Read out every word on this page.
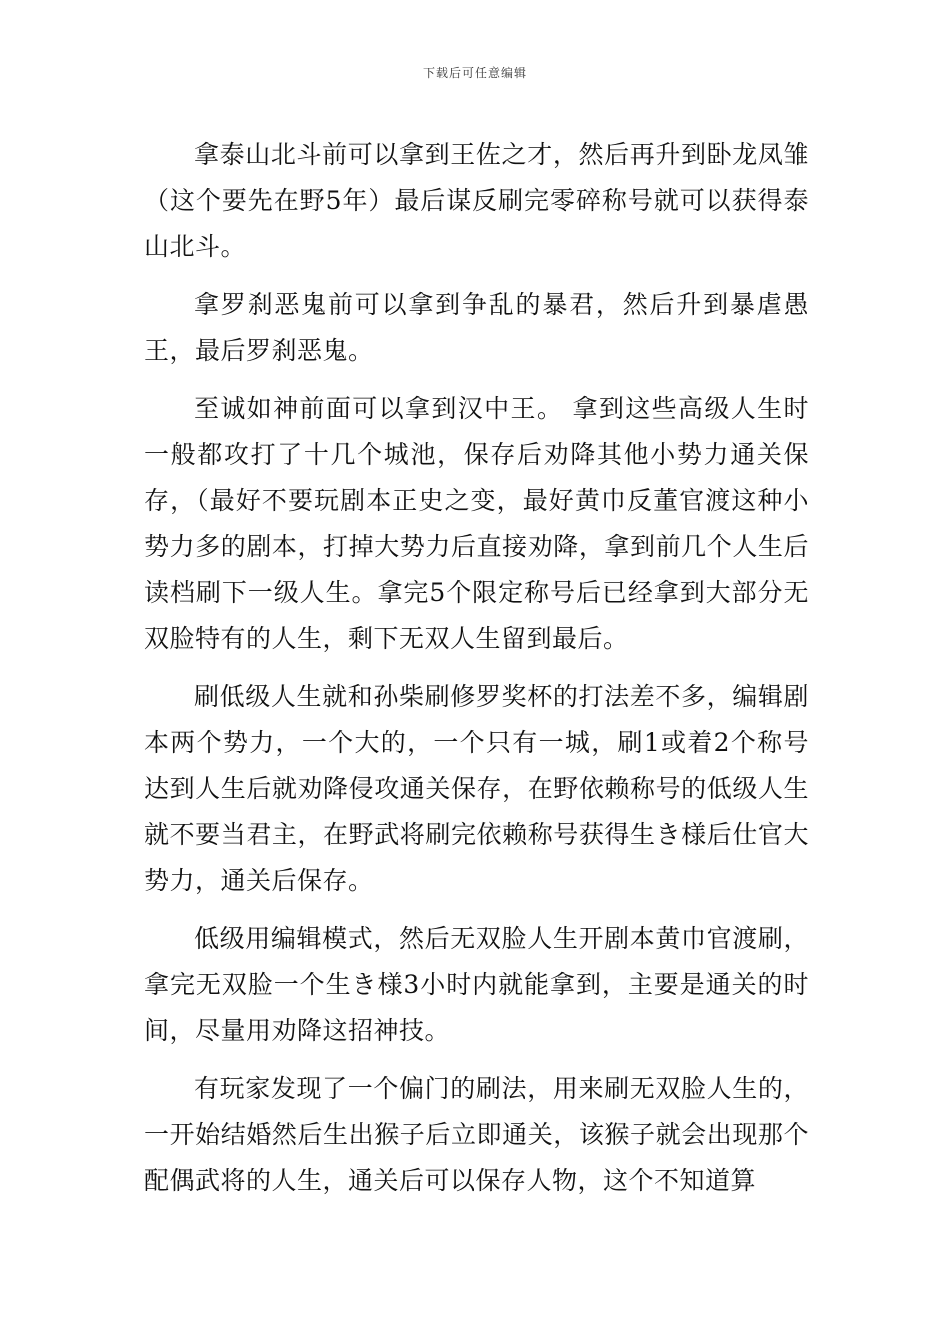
下载后可任意编辑

拿泰山北斗前可以拿到王佐之才，然后再升到卧龙凤雏（这个要先在野5年）最后谋反刷完零碎称号就可以获得泰山北斗。

拿罗刹恶鬼前可以拿到争乱的暴君，然后升到暴虐愚王，最后罗刹恶鬼。

至诚如神前面可以拿到汉中王。 拿到这些高级人生时一般都攻打了十几个城池，保存后劝降其他小势力通关保存，（最好不要玩剧本正史之变，最好黄巾反董官渡这种小势力多的剧本，打掉大势力后直接劝降，拿到前几个人生后读档刷下一级人生。拿完5个限定称号后已经拿到大部分无双脸特有的人生，剩下无双人生留到最后。

刷低级人生就和孙柴刷修罗奖杯的打法差不多，编辑剧本两个势力，一个大的，一个只有一城，刷1或着2个称号达到人生后就劝降侵攻通关保存，在野依赖称号的低级人生就不要当君主，在野武将刷完依赖称号获得生き様后仕官大势力，通关后保存。

低级用编辑模式，然后无双脸人生开剧本黄巾官渡刷，拿完无双脸一个生き様3小时内就能拿到，主要是通关的时间，尽量用劝降这招神技。

有玩家发现了一个偏门的刷法，用来刷无双脸人生的，一开始结婚然后生出猴子后立即通关，该猴子就会出现那个配偶武将的人生，通关后可以保存人物，这个不知道算
